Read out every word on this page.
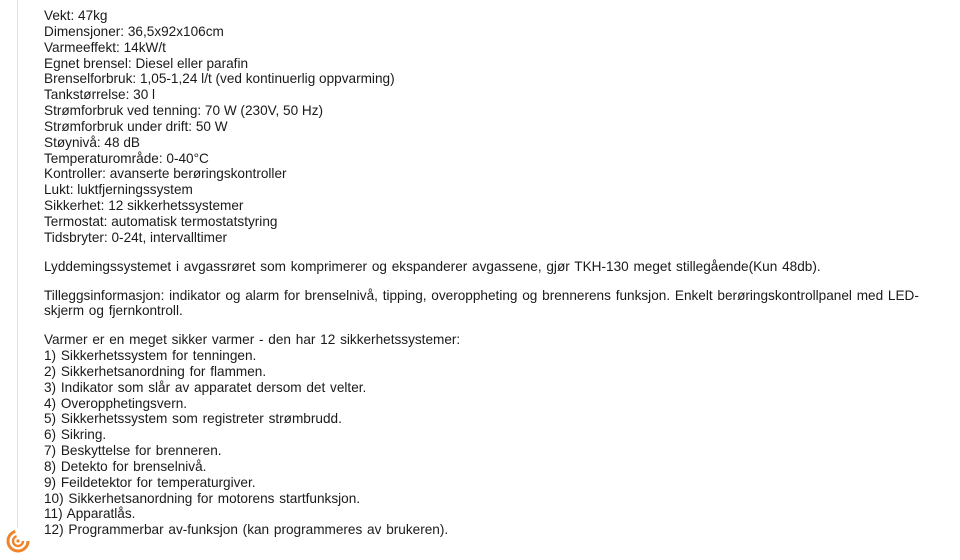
Vekt: 47kg
Dimensjoner: 36,5x92x106cm
Varmeeffekt: 14kW/t
Egnet brensel: Diesel eller parafin
Brenselforbruk: 1,05-1,24 l/t (ved kontinuerlig oppvarming)
Tankstørrelse: 30 l
Strømforbruk ved tenning: 70 W (230V, 50 Hz)
Strømforbruk under drift: 50 W
Støynivå: 48 dB
Temperaturområde: 0-40°C
Kontroller: avanserte berøringskontroller
Lukt: luktfjerningssystem
Sikkerhet: 12 sikkerhetssystemer
Termostat: automatisk termostatstyring
Tidsbryter: 0-24t, intervalltimer
Lyddemingssystemet i avgassrøret som komprimerer og ekspanderer avgassene, gjør TKH-130 meget stillegående(Kun 48db).
Tilleggsinformasjon: indikator og alarm for brenselnivå, tipping, overoppheting og brennerens funksjon. Enkelt berøringskontrollpanel med LED-skjerm og fjernkontroll.
Varmer er en meget sikker varmer - den har 12 sikkerhetssystemer:
1) Sikkerhetssystem for tenningen.
2) Sikkerhetsanordning for flammen.
3) Indikator som slår av apparatet dersom det velter.
4) Overopphetingsvern.
5) Sikkerhetssystem som registreter strømbrudd.
6) Sikring.
7) Beskyttelse for brenneren.
8) Detekto for brenselnivå.
9) Feildetektor for temperaturgiver.
10) Sikkerhetsanordning for motorens startfunksjon.
11) Apparatlås.
12) Programmerbar av-funksjon (kan programmeres av brukeren).
